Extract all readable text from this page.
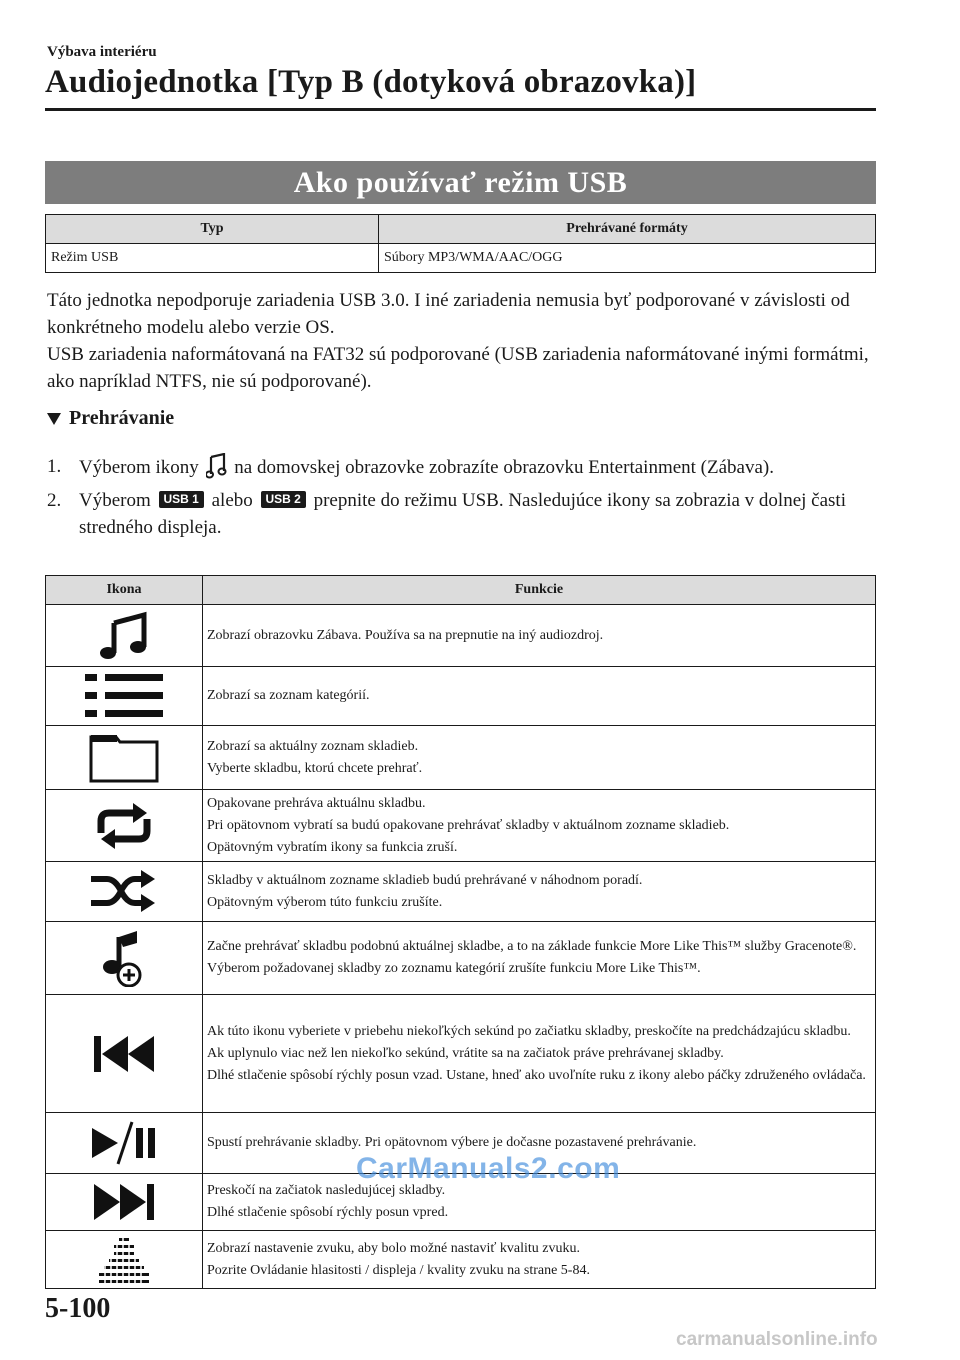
Výbava interiéru
Audiojednotka [Typ B (dotyková obrazovka)]
Ako používať režim USB
Typ	Prehrávané formáty
Režim USB	Súbory MP3/WMA/AAC/OGG

Táto jednotka nepodporuje zariadenia USB 3.0. I iné zariadenia nemusia byť podporované v závislosti od konkrétneho modelu alebo verzie OS.

USB zariadenia naformátovaná na FAT32 sú podporované (USB zariadenia naformátované inými formátmi, ako napríklad NTFS, nie sú podporované).

Prehrávanie
1. Výberom ikony na domovskej obrazovke zobrazíte obrazovku Entertainment (Zábava).
2. Výberom USB 1 alebo USB 2 prepnite do režimu USB. Nasledujúce ikony sa zobrazia v dolnej časti stredného displeja.
Ikona	Funkcie

Zobrazí obrazovku Zábava. Používa sa na prepnutie na iný audiozdroj.

Zobrazí sa zoznam kategórií.

Zobrazí sa aktuálny zoznam skladieb.
Vyberte skladbu, ktorú chcete prehrať.

Opakovane prehráva aktuálnu skladbu.
Pri opätovnom vybratí sa budú opakovane prehrávať skladby v aktuálnom zozname skladieb.
Opätovným vybratím ikony sa funkcia zruší.

Skladby v aktuálnom zozname skladieb budú prehrávané v náhodnom poradí.
Opätovným výberom túto funkciu zrušíte.

Začne prehrávať skladbu podobnú aktuálnej skladbe, a to na základe funkcie More Like This™ služby Gracenote®.
Výberom požadovanej skladby zo zoznamu kategórií zrušíte funkciu More Like This™.

Ak túto ikonu vyberiete v priebehu niekoľkých sekúnd po začiatku skladby, preskočíte na predchádzajúcu skladbu.
Ak uplynulo viac než len niekoľko sekúnd, vrátite sa na začiatok práve prehrávanej skladby.
Dlhé stlačenie spôsobí rýchly posun vzad. Ustane, hneď ako uvoľníte ruku z ikony alebo páčky združeného ovládača.

Spustí prehrávanie skladby. Pri opätovnom výbere je dočasne pozastavené prehrávanie.

Preskočí na začiatok nasledujúcej skladby.
Dlhé stlačenie spôsobí rýchly posun vpred.

Zobrazí nastavenie zvuku, aby bolo možné nastaviť kvalitu zvuku.
Pozrite Ovládanie hlasitosti / displeja / kvality zvuku na strane 5-84.
CarManuals2.com
5-100
carmanualsonline.info
